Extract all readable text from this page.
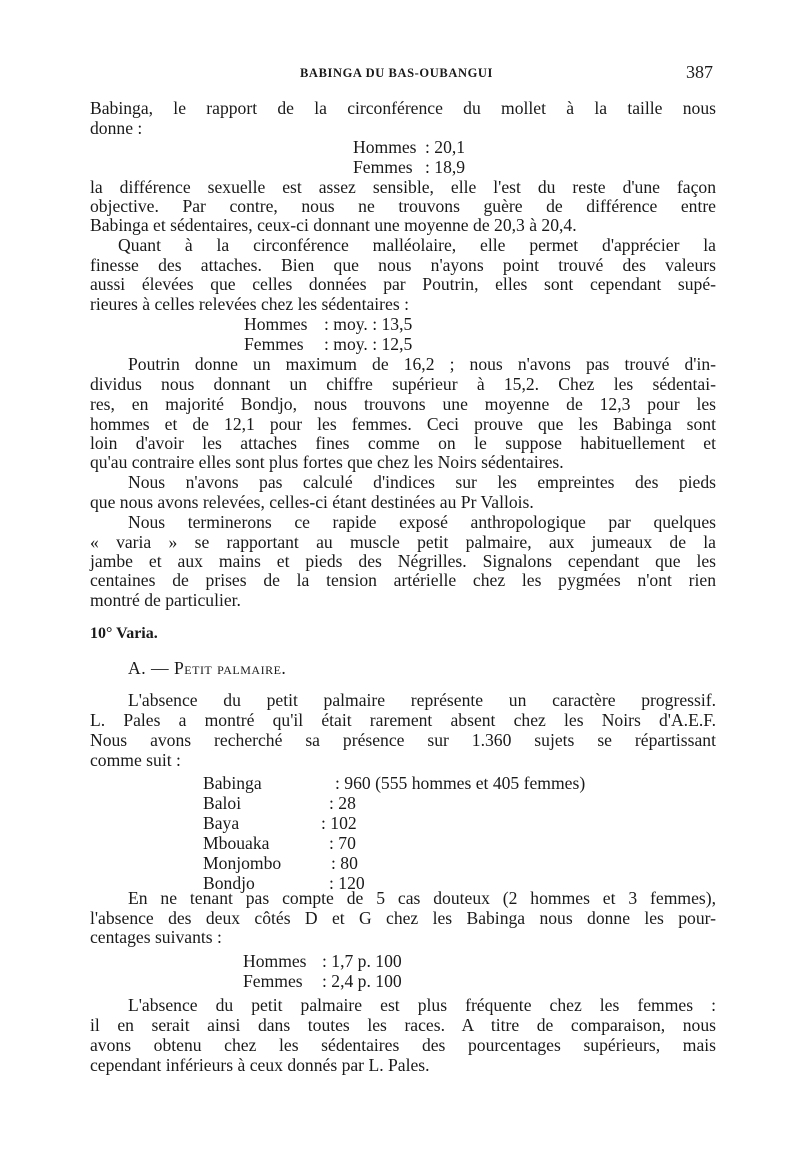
BABINGA DU BAS-OUBANGUI	387
Babinga, le rapport de la circonférence du mollet à la taille nous
donne :
Hommes : 20,1
Femmes : 18,9
la différence sexuelle est assez sensible, elle l'est du reste d'une façon
objective. Par contre, nous ne trouvons guère de différence entre
Babinga et sédentaires, ceux-ci donnant une moyenne de 20,3 à 20,4.
Quant à la circonférence malléolaire, elle permet d'apprécier la
finesse des attaches. Bien que nous n'ayons point trouvé des valeurs
aussi élevées que celles données par Poutrin, elles sont cependant supé-
rieures à celles relevées chez les sédentaires :
Hommes : moy. : 13,5
Femmes : moy. : 12,5
Poutrin donne un maximum de 16,2 ; nous n'avons pas trouvé d'in-
dividus nous donnant un chiffre supérieur à 15,2. Chez les sédentai-
res, en majorité Bondjo, nous trouvons une moyenne de 12,3 pour les
hommes et de 12,1 pour les femmes. Ceci prouve que les Babinga sont
loin d'avoir les attaches fines comme on le suppose habituellement et
qu'au contraire elles sont plus fortes que chez les Noirs sédentaires.
Nous n'avons pas calculé d'indices sur les empreintes des pieds
que nous avons relevées, celles-ci étant destinées au Pr Vallois.
Nous terminerons ce rapide exposé anthropologique par quelques
« varia » se rapportant au muscle petit palmaire, aux jumeaux de la
jambe et aux mains et pieds des Négrilles. Signalons cependant que les
centaines de prises de la tension artérielle chez les pygmées n'ont rien
montré de particulier.
10° Varia.
A. — Petit palmaire.
L'absence du petit palmaire représente un caractère progressif.
L. Pales a montré qu'il était rarement absent chez les Noirs d'A.E.F.
Nous avons recherché sa présence sur 1.360 sujets se répartissant
comme suit :
Babinga	: 960 (555 hommes et 405 femmes)
Baloi	: 28
Baya	: 102
Mbouaka	: 70
Monjombo	: 80
Bondjo	: 120
En ne tenant pas compte de 5 cas douteux (2 hommes et 3 femmes),
l'absence des deux côtés D et G chez les Babinga nous donne les pour-
centages suivants :
Hommes : 1,7 p. 100
Femmes : 2,4 p. 100
L'absence du petit palmaire est plus fréquente chez les femmes :
il en serait ainsi dans toutes les races. A titre de comparaison, nous
avons obtenu chez les sédentaires des pourcentages supérieurs, mais
cependant inférieurs à ceux donnés par L. Pales.
